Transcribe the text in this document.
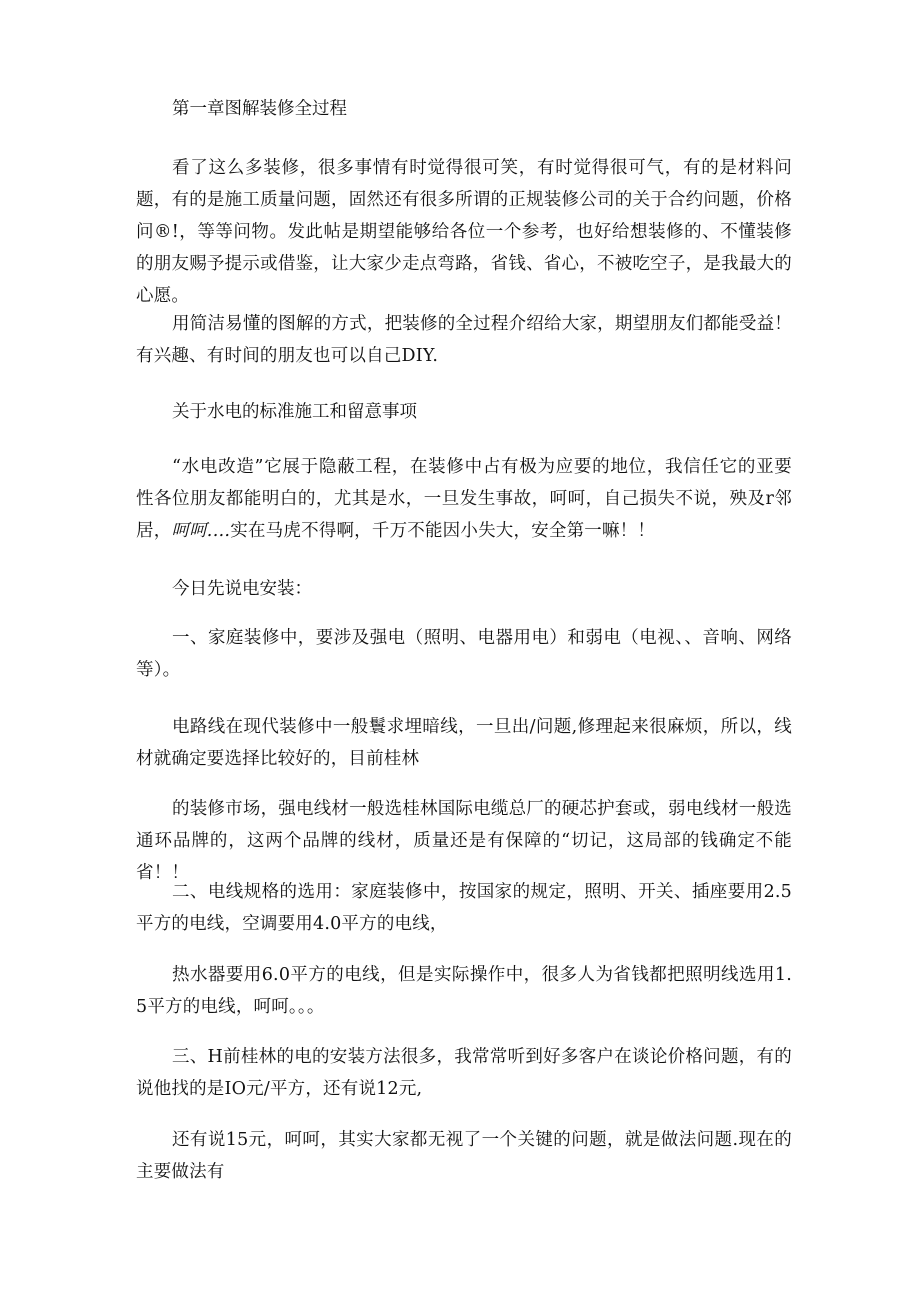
第一章图解装修全过程

看了这么多装修，很多事情有时觉得很可笑，有时觉得很可气，有的是材料问题，有的是施工质量问题，固然还有很多所谓的正规装修公司的关于合约问题，价格问®!，等等问物。发此帖是期望能够给各位一个参考，也好给想装修的、不懂装修的朋友赐予提示或借鉴，让大家少走点弯路，省钱、省心，不被吃空子，是我最大的心愿。

用简洁易懂的图解的方式，把装修的全过程介绍给大家，期望朋友们都能受益！有兴趣、有时间的朋友也可以自己DIY.

关于水电的标准施工和留意事项

“水电改造”它展于隐蔽工程，在装修中占有极为应要的地位，我信任它的亚要性各位朋友都能明白的，尤其是水，一旦发生事故，呵呵，自己损失不说，殃及r邻居，呵呵.…实在马虎不得啊，千万不能因小失大，安全第一嘛！！

今日先说电安装：

一、家庭装修中，要涉及强电（照明、电器用电）和弱电（电视、、音响、网络等）。

电路线在现代装修中一般鬟求埋暗线，一旦出/问题,修理起来很麻烦，所以，线材就确定要选择比较好的，目前桂林

的装修市场，强电线材一般选桂林国际电缆总厂的硬芯护套或，弱电线材一般选通环品牌的，这两个品牌的线材，质量还是有保障的“切记，这局部的钱确定不能省！！

二、电线规格的选用：家庭装修中，按国家的规定，照明、开关、插座要用2.5平方的电线，空调要用4.0平方的电线，

热水器要用6.0平方的电线，但是实际操作中，很多人为省钱都把照明线选用1.5平方的电线，呵呵。。。

三、H前桂林的电的安装方法很多，我常常听到好多客户在谈论价格问题，有的说他找的是IO元/平方，还有说12元,

还有说15元，呵呵，其实大家都无视了一个关键的问题，就是做法问题.现在的主要做法有
